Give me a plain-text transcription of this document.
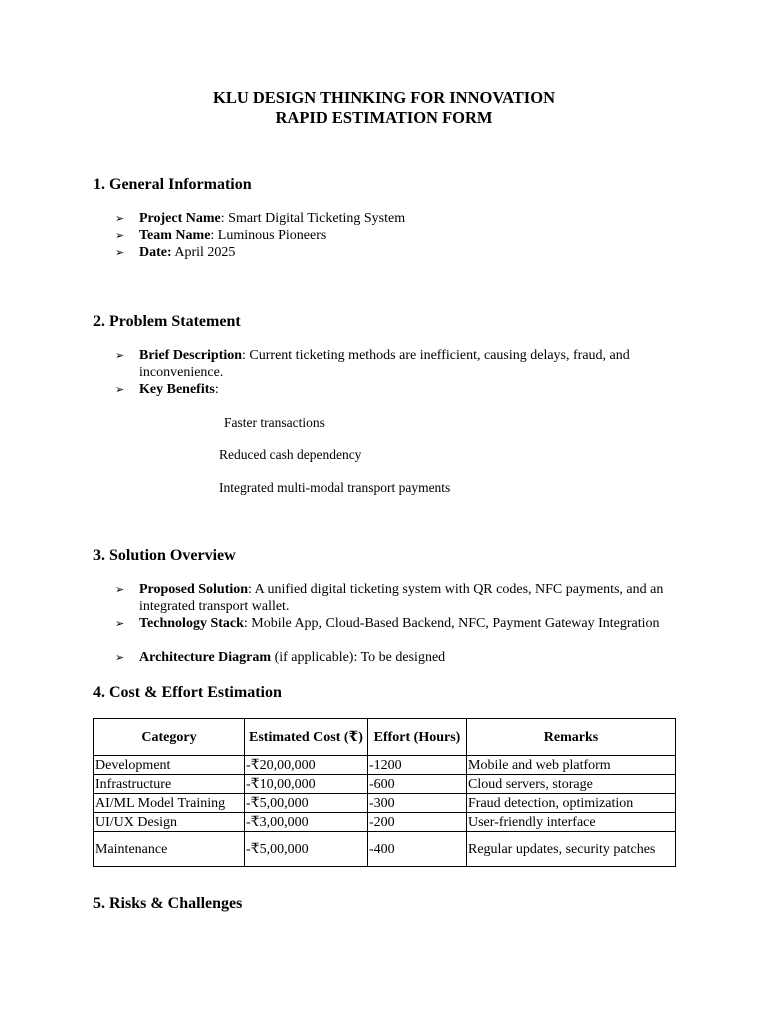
KLU DESIGN THINKING FOR INNOVATION
RAPID ESTIMATION FORM
1. General Information
➢	Project Name: Smart Digital Ticketing System
➢	Team Name: Luminous Pioneers
➢	Date: April 2025
2. Problem Statement
➢	Brief Description: Current ticketing methods are inefficient, causing delays, fraud, and inconvenience.
➢	Key Benefits:
Faster transactions
Reduced cash dependency
Integrated multi-modal transport payments
3. Solution Overview
➢	Proposed Solution: A unified digital ticketing system with QR codes, NFC payments, and an integrated transport wallet.
➢	Technology Stack: Mobile App, Cloud-Based Backend, NFC, Payment Gateway Integration
➢	Architecture Diagram (if applicable): To be designed
4. Cost & Effort Estimation
Category	Estimated Cost (₹)	Effort (Hours)	Remarks
Development	-₹20,00,000	-1200	Mobile and web platform
Infrastructure	-₹10,00,000	-600	Cloud servers, storage
AI/ML Model Training	-₹5,00,000	-300	Fraud detection, optimization
UI/UX Design	-₹3,00,000	-200	User-friendly interface
Maintenance	-₹5,00,000	-400	Regular updates, security patches
5. Risks & Challenges
